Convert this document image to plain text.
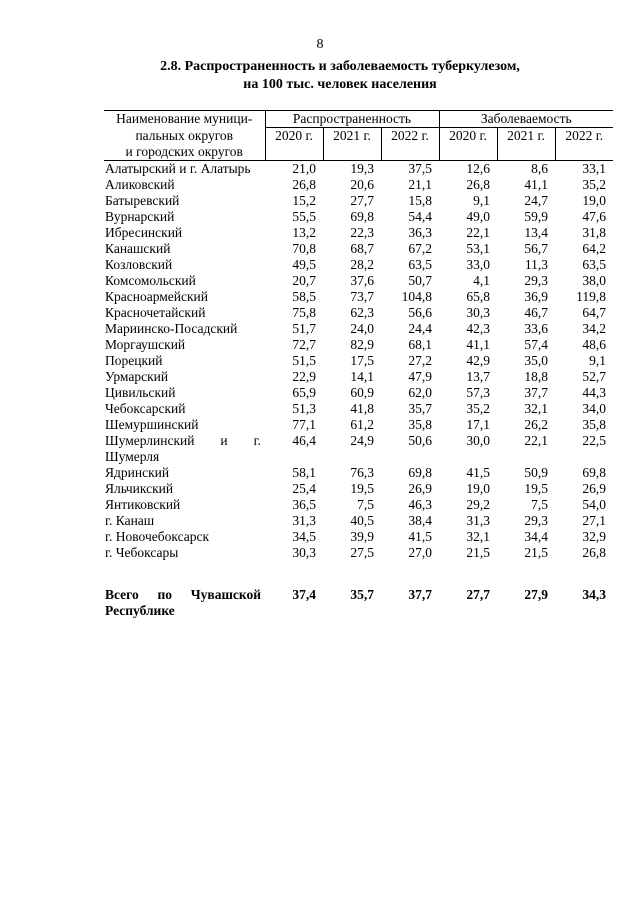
8
2.8. Распространенность и заболеваемость туберкулезом,
на 100 тыс. человек населения
Наименование муници-	Распространенность			Заболеваемость		

пальных округов
и городских округов	2020 г.	2021 г.	2022 г.	2020 г.	2021 г.	2022 г.
Алатырский и г. Алатырь	21,0	19,3	37,5	12,6	8,6	33,1
Аликовский	26,8	20,6	21,1	26,8	41,1	35,2
Батыревский	15,2	27,7	15,8	9,1	24,7	19,0
Вурнарский	55,5	69,8	54,4	49,0	59,9	47,6
Ибресинский	13,2	22,3	36,3	22,1	13,4	31,8
Канашский	70,8	68,7	67,2	53,1	56,7	64,2
Козловский	49,5	28,2	63,5	33,0	11,3	63,5
Комсомольский	20,7	37,6	50,7	4,1	29,3	38,0
Красноармейский	58,5	73,7	104,8	65,8	36,9	119,8
Красночетайский	75,8	62,3	56,6	30,3	46,7	64,7
Мариинско-Посадский	51,7	24,0	24,4	42,3	33,6	34,2
Моргаушский	72,7	82,9	68,1	41,1	57,4	48,6
Порецкий	51,5	17,5	27,2	42,9	35,0	9,1
Урмарский	22,9	14,1	47,9	13,7	18,8	52,7
Цивильский	65,9	60,9	62,0	57,3	37,7	44,3
Чебоксарский	51,3	41,8	35,7	35,2	32,1	34,0
Шемуршинский	77,1	61,2	35,8	17,1	26,2	35,8
Шумерлинский и г. Шумерля	46,4	24,9	50,6	30,0	22,1	22,5
Ядринский	58,1	76,3	69,8	41,5	50,9	69,8
Яльчикский	25,4	19,5	26,9	19,0	19,5	26,9
Янтиковский	36,5	7,5	46,3	29,2	7,5	54,0
г. Канаш	31,3	40,5	38,4	31,3	29,3	27,1
г. Новочебоксарск	34,5	39,9	41,5	32,1	34,4	32,9
г. Чебоксары	30,3	27,5	27,0	21,5	21,5	26,8
Всего по Чувашской Республике	37,4	35,7	37,7	27,7	27,9	34,3
